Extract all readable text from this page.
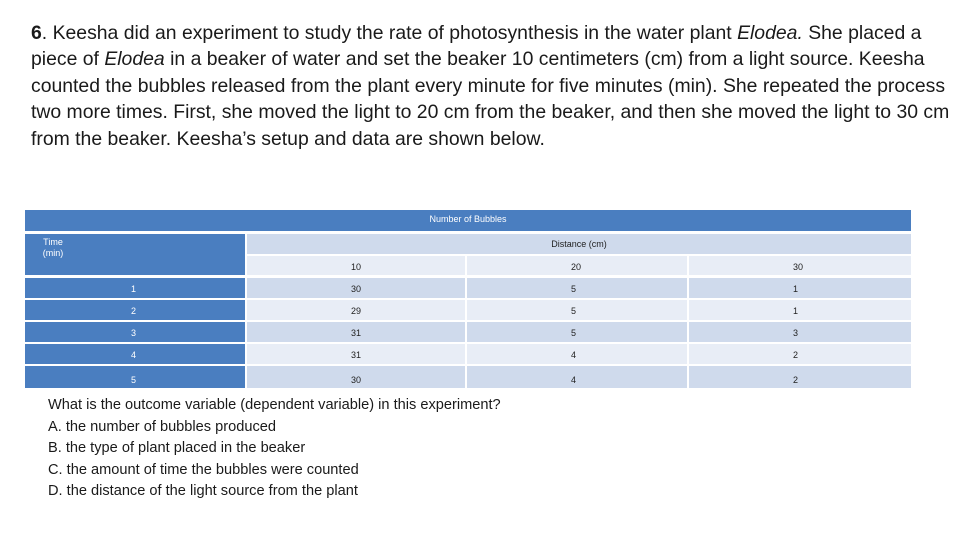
6. Keesha did an experiment to study the rate of photosynthesis in the water plant Elodea. She placed a piece of Elodea in a beaker of water and set the beaker 10 centimeters (cm) from a light source. Keesha counted the bubbles released from the plant every minute for five minutes (min). She repeated the process two more times. First, she moved the light to 20 cm from the beaker, and then she moved the light to 30 cm from the beaker. Keesha’s setup and data are shown below.
Number of Bubbles
Time
(min)
Distance (cm)
10	20	30
1	30	5	1
2	29	5	1
3	31	5	3
4	31	4	2
5	30	4	2
What is the outcome variable (dependent variable) in this experiment?
A. the number of bubbles produced
B. the type of plant placed in the beaker
C. the amount of time the bubbles were counted
D. the distance of the light source from the plant
